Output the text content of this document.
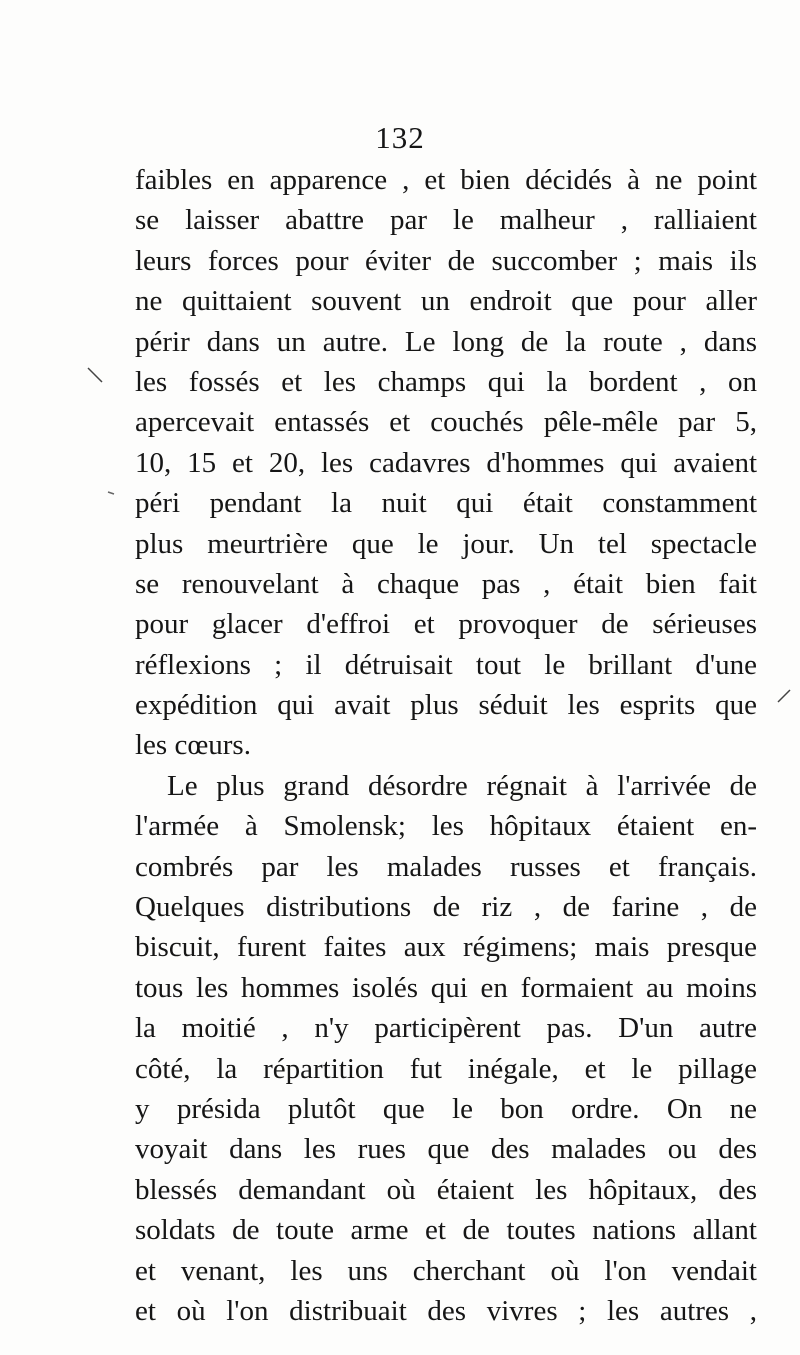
132
faibles en apparence , et bien décidés à ne point
se laisser abattre par le malheur , ralliaient
leurs forces pour éviter de succomber ; mais ils
ne quittaient souvent un endroit que pour aller
périr dans un autre. Le long de la route , dans
les fossés et les champs qui la bordent , on
apercevait entassés et couchés pêle-mêle par 5,
10, 15 et 20, les cadavres d'hommes qui avaient
péri pendant la nuit qui était constamment
plus meurtrière que le jour. Un tel spectacle
se renouvelant à chaque pas , était bien fait
pour glacer d'effroi et provoquer de sérieuses
réflexions ; il détruisait tout le brillant d'une
expédition qui avait plus séduit les esprits que
les cœurs.
Le plus grand désordre régnait à l'arrivée de
l'armée à Smolensk; les hôpitaux étaient en-
combrés par les malades russes et français.
Quelques distributions de riz , de farine , de
biscuit, furent faites aux régimens; mais presque
tous les hommes isolés qui en formaient au moins
la moitié , n'y participèrent pas. D'un autre
côté, la répartition fut inégale, et le pillage
y présida plutôt que le bon ordre. On ne
voyait dans les rues que des malades ou des
blessés demandant où étaient les hôpitaux, des
soldats de toute arme et de toutes nations allant
et venant, les uns cherchant où l'on vendait
et où l'on distribuait des vivres ; les autres ,
